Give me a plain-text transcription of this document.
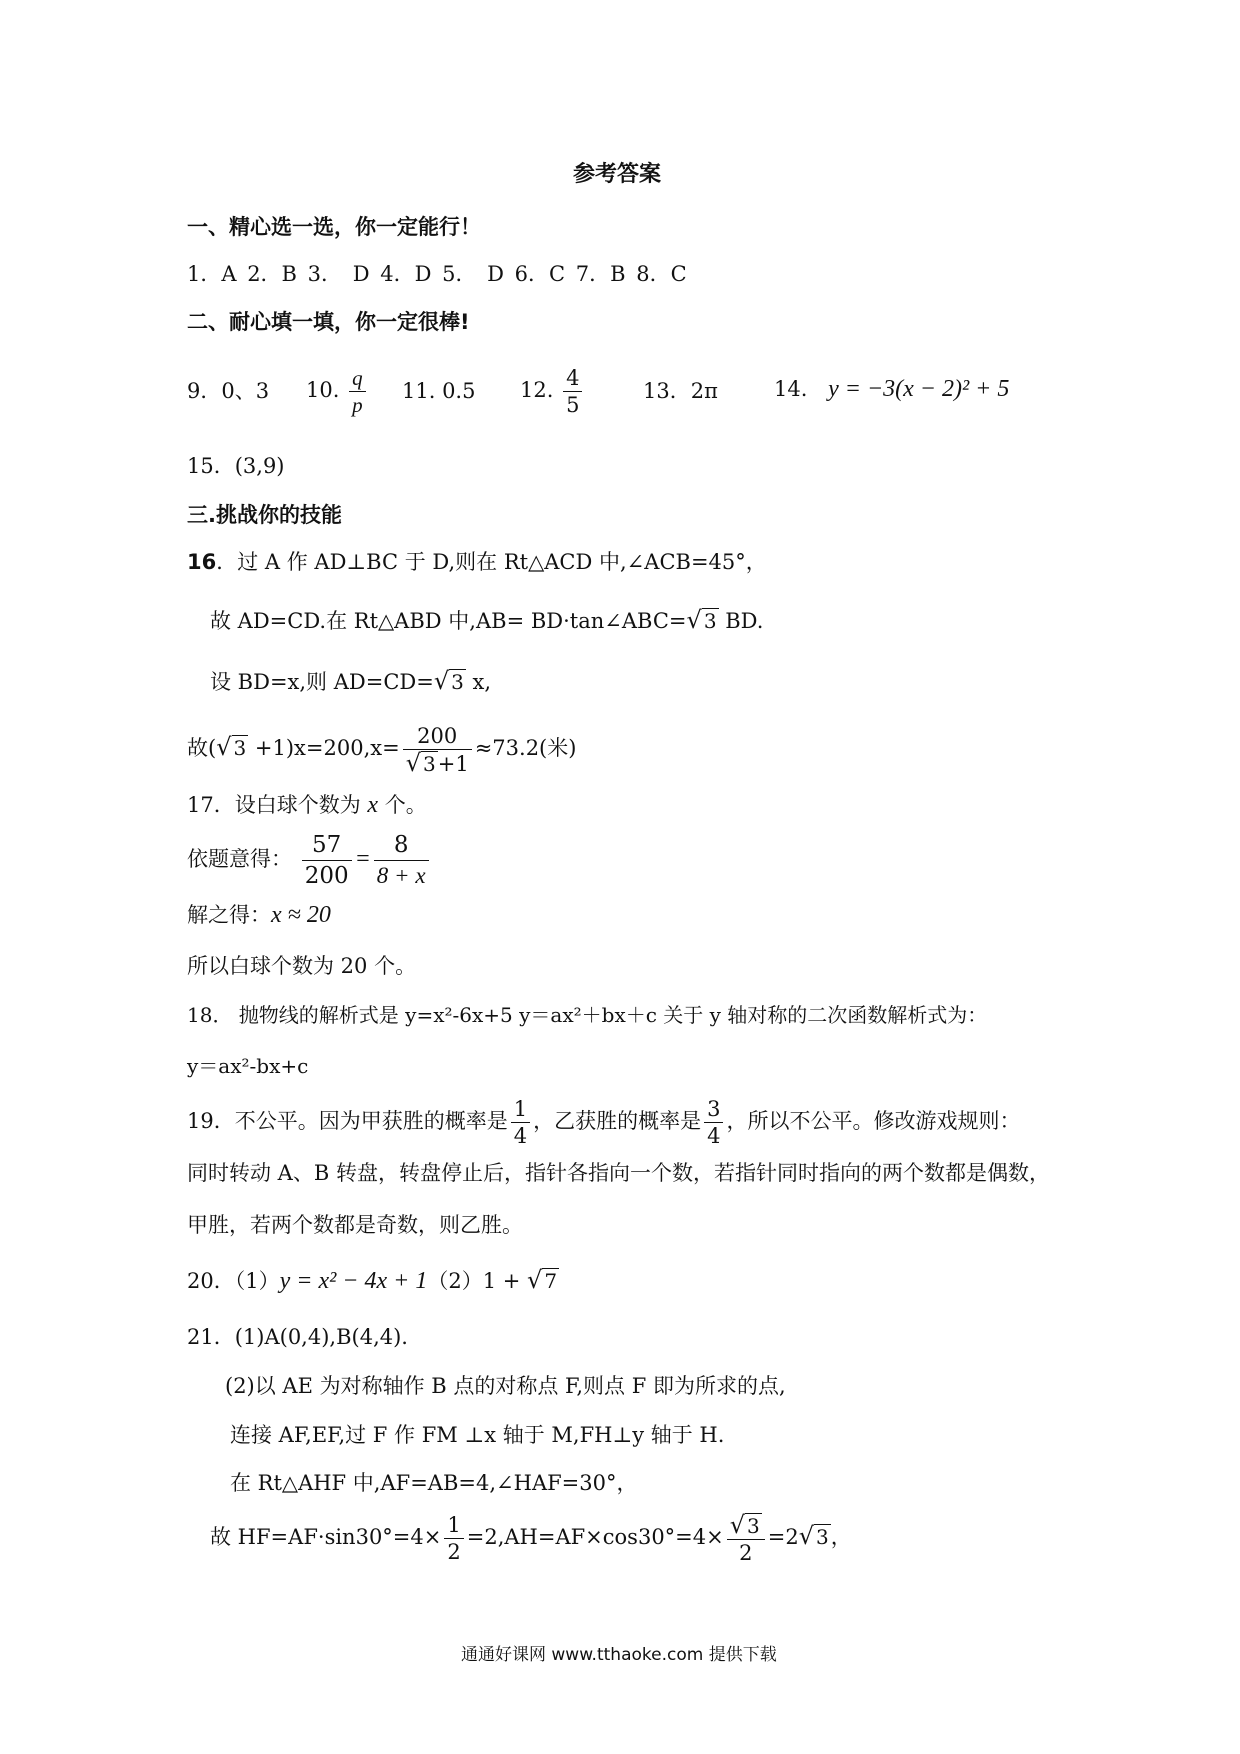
参考答案
一、精心选一选，你一定能行！
1．A 2．B 3． D 4．D 5． D 6．C 7．B 8．C
二、耐心填一填，你一定很棒!
9．0、3 10. $\frac{q}{p} 11$. 0.5 12. $\frac{4}{5}$	13．2π	14. y = −3(x − 2)² + 5
15．(3,9)
三.挑战你的技能
16．过 A 作 AD⊥BC 于 D,则在 Rt△ACD 中,∠ACB=45°，
故 AD=CD.在 Rt△ABD 中,AB= BD·tan∠ABC=√ 3 BD.
设 BD=x,则 AD=CD=√ 3 x,
故(√ $3 +1)x=200,x= \frac{200}{√ 3+1} \approx 73.2$(米)
17．设白球个数为 x 个。
依题意得： $\frac{57}{200} = \frac{8}{8 + x}$
解之得：x ≈ 20
所以白球个数为 20 个。
18． 抛物线的解析式是 y=x²-6x+5 y＝ax²＋bx＋c 关于 y 轴对称的二次函数解析式为：
y＝ax²-bx+c
19．不公平。因为甲获胜的概率是 $\frac{1}{4}$ ，乙获胜的概率是 $\frac{3}{4}$ ，所以不公平。修改游戏规则：
同时转动 A、B 转盘，转盘停止后，指针各指向一个数，若指针同时指向的两个数都是偶数，
甲胜，若两个数都是奇数，则乙胜。
20．（1）y = x² − 4x + 1（2）1 + √ 7
21．(1)A(0,4),B(4,4).
(2)以 AE 为对称轴作 B 点的对称点 F,则点 F 即为所求的点,
连接 AF,EF,过 F 作 FM ⊥x 轴于 M,FH⊥y 轴于 H.
在 Rt△AHF 中,AF=AB=4,∠HAF=30°，
故 $HF=AF\cdot\sin 30^\circ=4\times \frac{1}{2} =2,AH=AF\times\cos 30^\circ=4\times \frac{√ 3}{2} =2√$ 3，
通通好课网 www.tthaoke.com 提供下载
